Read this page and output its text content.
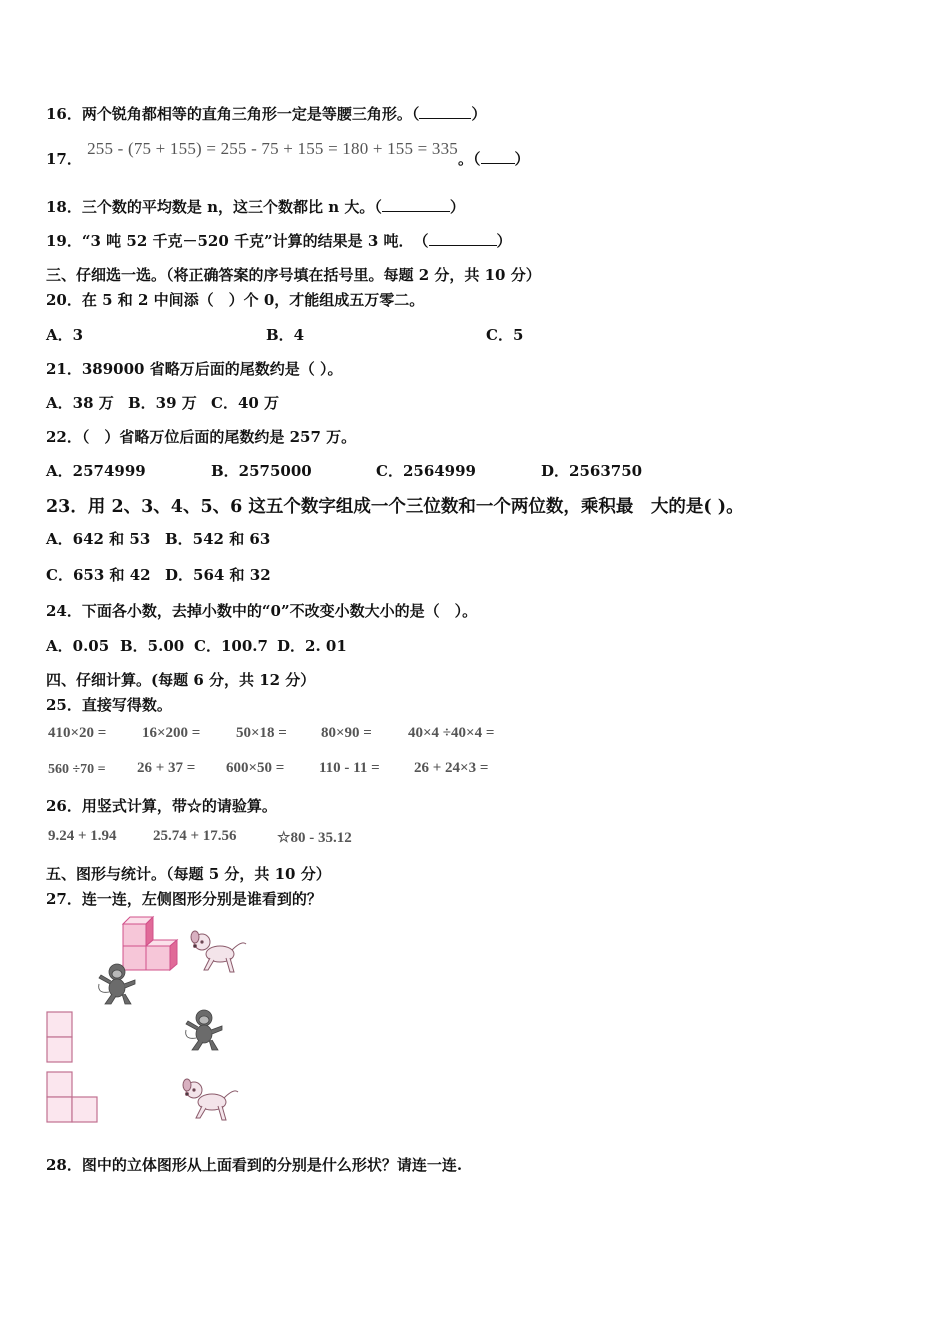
16．两个锐角都相等的直角三角形一定是等腰三角形。（	）
17． 255 - (75 + 155) = 255 - 75 + 155 = 180 + 155 = 335。（ ）
18．三个数的平均数是 n，这三个数都比 n 大。（	）
19．“3 吨 52 千克－520 千克”计算的结果是 3 吨．　（	）
三、仔细选一选。（将正确答案的序号填在括号里。每题 2 分，共 10 分）
20．在 5 和 2 中间添（　）个 0，才能组成五万零二。
A．3	B．4	C．5
21．389000 省略万后面的尾数约是（ ）。
A．38 万 B．39 万 C．40 万
22．（　）省略万位后面的尾数约是 257 万。
A．2574999	B．2575000	C．2564999	D．2563750
23．用 2、3、4、5、6 这五个数字组成一个三位数和一个两位数，乘积最　大的是( )。
A．642 和 53 B．542 和 63
C．653 和 42 D．564 和 32
24．下面各小数，去掉小数中的“0”不改变小数大小的是（　）。
A．0.05 B．5.00 C．100.7 D．2. 01
四、仔细计算。(每题 6 分，共 12 分）
25．直接写得数。
410×20 = 16×200 = 50×18 = 80×90 = 40×4 ÷40×4 =
560 ÷70 = 26 + 37 = 600×50 = 110 - 11 = 26 + 24×3 =
26．用竖式计算，带☆的请验算。
9.24 + 1.94 25.74 + 17.56	☆80 - 35.12
五、图形与统计。（每题 5 分，共 10 分）
27．连一连，左侧图形分别是谁看到的？
28．图中的立体图形从上面看到的分别是什么形状？请连一连.
